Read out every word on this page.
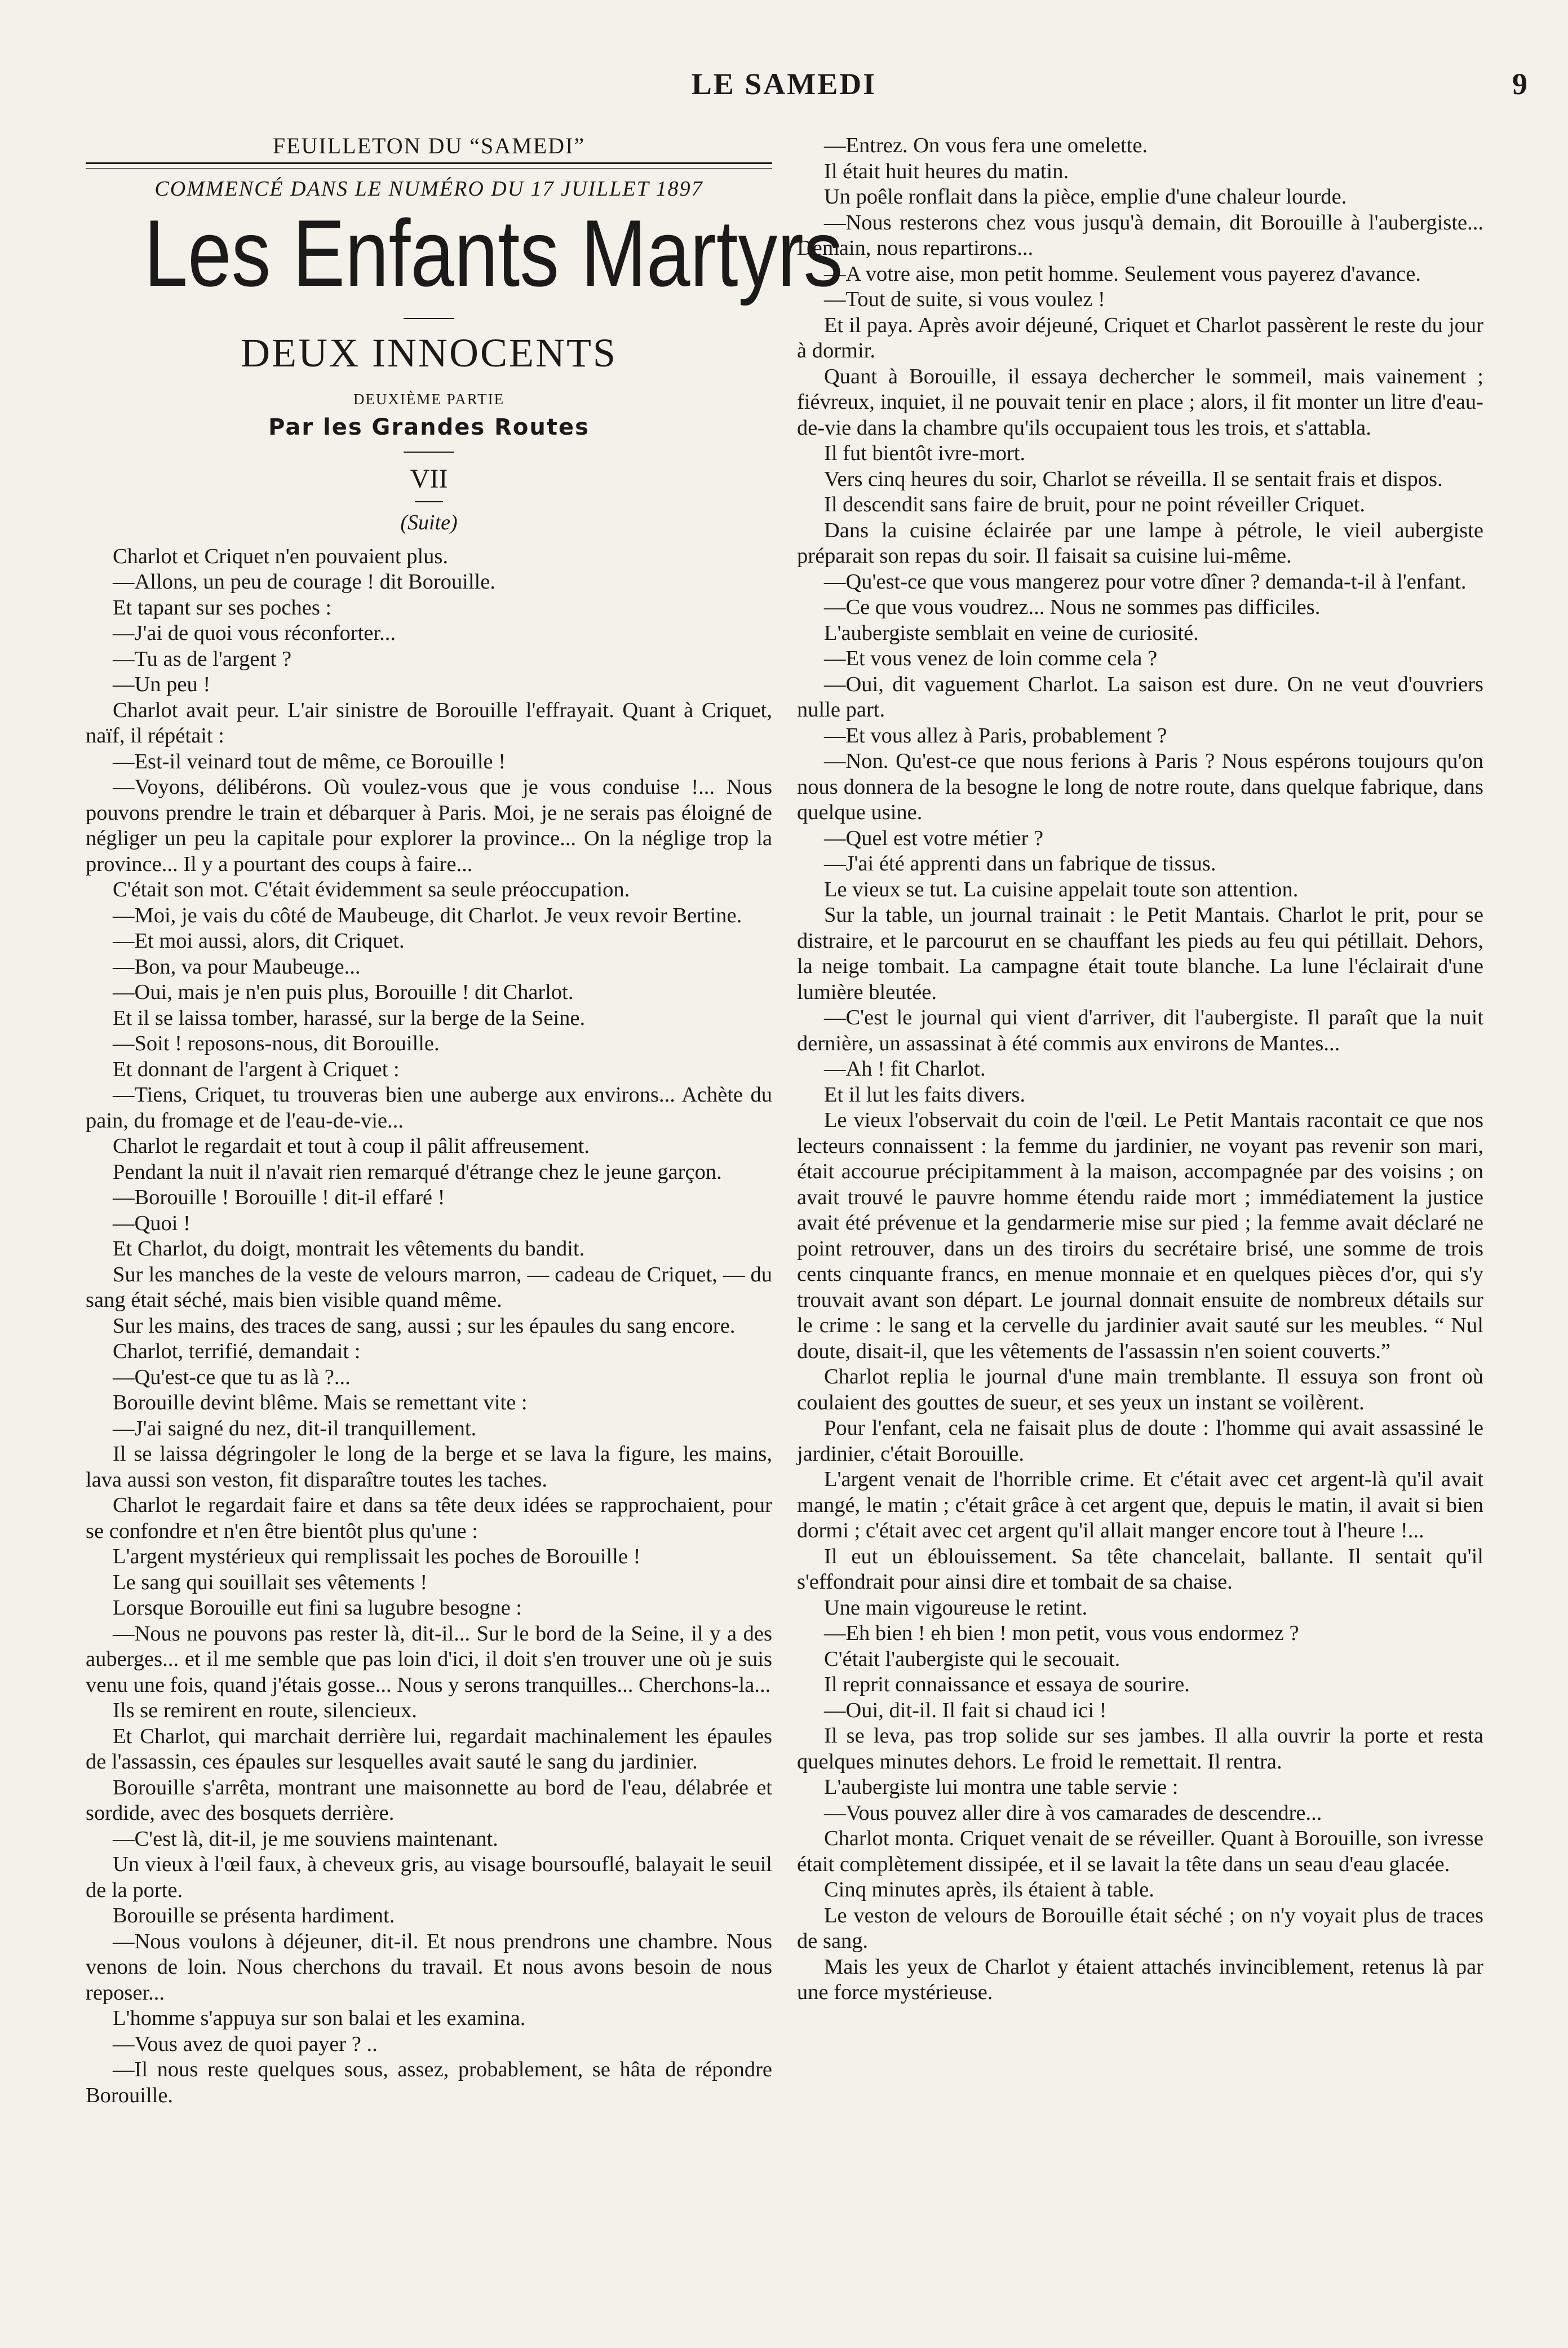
LE SAMEDI	9
FEUILLETON DU “SAMEDI”
COMMENCÉ DANS LE NUMÉRO DU 17 JUILLET 1897
Les Enfants Martyrs
DEUX INNOCENTS
DEUXIÈME PARTIE
Par les Grandes Routes
VII
(Suite)

Charlot et Criquet n'en pouvaient plus.

—Allons, un peu de courage ! dit Borouille.

Et tapant sur ses poches :

—J'ai de quoi vous réconforter...

—Tu as de l'argent ?

—Un peu !

Charlot avait peur. L'air sinistre de Borouille l'effrayait. Quant à Criquet, naïf, il répétait :

—Est-il veinard tout de même, ce Borouille !

—Voyons, délibérons. Où voulez-vous que je vous conduise !... Nous pouvons prendre le train et débarquer à Paris. Moi, je ne serais pas éloigné de négliger un peu la capitale pour explorer la province... On la néglige trop la province... Il y a pourtant des coups à faire...

C'était son mot. C'était évidemment sa seule préoccupation.

—Moi, je vais du côté de Maubeuge, dit Charlot. Je veux revoir Bertine.

—Et moi aussi, alors, dit Criquet.

—Bon, va pour Maubeuge...

—Oui, mais je n'en puis plus, Borouille ! dit Charlot.

Et il se laissa tomber, harassé, sur la berge de la Seine.

—Soit ! reposons-nous, dit Borouille.

Et donnant de l'argent à Criquet :

—Tiens, Criquet, tu trouveras bien une auberge aux environs... Achète du pain, du fromage et de l'eau-de-vie...

Charlot le regardait et tout à coup il pâlit affreusement.

Pendant la nuit il n'avait rien remarqué d'étrange chez le jeune garçon.

—Borouille ! Borouille ! dit-il effaré !

—Quoi !

Et Charlot, du doigt, montrait les vêtements du bandit.

Sur les manches de la veste de velours marron, — cadeau de Criquet, — du sang était séché, mais bien visible quand même.

Sur les mains, des traces de sang, aussi ; sur les épaules du sang encore.

Charlot, terrifié, demandait :

—Qu'est-ce que tu as là ?...

Borouille devint blême. Mais se remettant vite :

—J'ai saigné du nez, dit-il tranquillement.

Il se laissa dégringoler le long de la berge et se lava la figure, les mains, lava aussi son veston, fit disparaître toutes les taches.

Charlot le regardait faire et dans sa tête deux idées se rapprochaient, pour se confondre et n'en être bientôt plus qu'une :

L'argent mystérieux qui remplissait les poches de Borouille !

Le sang qui souillait ses vêtements !

Lorsque Borouille eut fini sa lugubre besogne :

—Nous ne pouvons pas rester là, dit-il... Sur le bord de la Seine, il y a des auberges... et il me semble que pas loin d'ici, il doit s'en trouver une où je suis venu une fois, quand j'étais gosse... Nous y serons tranquilles... Cherchons-la...

Ils se remirent en route, silencieux.

Et Charlot, qui marchait derrière lui, regardait machinalement les épaules de l'assassin, ces épaules sur lesquelles avait sauté le sang du jardinier.

Borouille s'arrêta, montrant une maisonnette au bord de l'eau, délabrée et sordide, avec des bosquets derrière.

—C'est là, dit-il, je me souviens maintenant.

Un vieux à l'œil faux, à cheveux gris, au visage boursouflé, balayait le seuil de la porte.

Borouille se présenta hardiment.

—Nous voulons à déjeuner, dit-il. Et nous prendrons une chambre. Nous venons de loin. Nous cherchons du travail. Et nous avons besoin de nous reposer...

L'homme s'appuya sur son balai et les examina.

—Vous avez de quoi payer ? ..

—Il nous reste quelques sous, assez, probablement, se hâta de répondre Borouille.

—Entrez. On vous fera une omelette.

Il était huit heures du matin.

Un poêle ronflait dans la pièce, emplie d'une chaleur lourde.

—Nous resterons chez vous jusqu'à demain, dit Borouille à l'aubergiste... Demain, nous repartirons...

—A votre aise, mon petit homme. Seulement vous payerez d'avance.

—Tout de suite, si vous voulez !

Et il paya. Après avoir déjeuné, Criquet et Charlot passèrent le reste du jour à dormir.

Quant à Borouille, il essaya dechercher le sommeil, mais vainement ; fiévreux, inquiet, il ne pouvait tenir en place ; alors, il fit monter un litre d'eau-de-vie dans la chambre qu'ils occupaient tous les trois, et s'attabla.

Il fut bientôt ivre-mort.

Vers cinq heures du soir, Charlot se réveilla. Il se sentait frais et dispos.

Il descendit sans faire de bruit, pour ne point réveiller Criquet.

Dans la cuisine éclairée par une lampe à pétrole, le vieil aubergiste préparait son repas du soir. Il faisait sa cuisine lui-même.

—Qu'est-ce que vous mangerez pour votre dîner ? demanda-t-il à l'enfant.

—Ce que vous voudrez... Nous ne sommes pas difficiles.

L'aubergiste semblait en veine de curiosité.

—Et vous venez de loin comme cela ?

—Oui, dit vaguement Charlot. La saison est dure. On ne veut d'ouvriers nulle part.

—Et vous allez à Paris, probablement ?

—Non. Qu'est-ce que nous ferions à Paris ? Nous espérons toujours qu'on nous donnera de la besogne le long de notre route, dans quelque fabrique, dans quelque usine.

—Quel est votre métier ?

—J'ai été apprenti dans un fabrique de tissus.

Le vieux se tut. La cuisine appelait toute son attention.

Sur la table, un journal trainait : le Petit Mantais. Charlot le prit, pour se distraire, et le parcourut en se chauffant les pieds au feu qui pétillait. Dehors, la neige tombait. La campagne était toute blanche. La lune l'éclairait d'une lumière bleutée.

—C'est le journal qui vient d'arriver, dit l'aubergiste. Il paraît que la nuit dernière, un assassinat à été commis aux environs de Mantes...

—Ah ! fit Charlot.

Et il lut les faits divers.

Le vieux l'observait du coin de l'œil. Le Petit Mantais racontait ce que nos lecteurs connaissent : la femme du jardinier, ne voyant pas revenir son mari, était accourue précipitamment à la maison, accompagnée par des voisins ; on avait trouvé le pauvre homme étendu raide mort ; immédiatement la justice avait été prévenue et la gendarmerie mise sur pied ; la femme avait déclaré ne point retrouver, dans un des tiroirs du secrétaire brisé, une somme de trois cents cinquante francs, en menue monnaie et en quelques pièces d'or, qui s'y trouvait avant son départ. Le journal donnait ensuite de nombreux détails sur le crime : le sang et la cervelle du jardinier avait sauté sur les meubles. “ Nul doute, disait-il, que les vêtements de l'assassin n'en soient couverts.”

Charlot replia le journal d'une main tremblante. Il essuya son front où coulaient des gouttes de sueur, et ses yeux un instant se voilèrent.

Pour l'enfant, cela ne faisait plus de doute : l'homme qui avait assassiné le jardinier, c'était Borouille.

L'argent venait de l'horrible crime. Et c'était avec cet argent-là qu'il avait mangé, le matin ; c'était grâce à cet argent que, depuis le matin, il avait si bien dormi ; c'était avec cet argent qu'il allait manger encore tout à l'heure !...

Il eut un éblouissement. Sa tête chancelait, ballante. Il sentait qu'il s'effondrait pour ainsi dire et tombait de sa chaise.

Une main vigoureuse le retint.

—Eh bien ! eh bien ! mon petit, vous vous endormez ?

C'était l'aubergiste qui le secouait.

Il reprit connaissance et essaya de sourire.

—Oui, dit-il. Il fait si chaud ici !

Il se leva, pas trop solide sur ses jambes. Il alla ouvrir la porte et resta quelques minutes dehors. Le froid le remettait. Il rentra.

L'aubergiste lui montra une table servie :

—Vous pouvez aller dire à vos camarades de descendre...

Charlot monta. Criquet venait de se réveiller. Quant à Borouille, son ivresse était complètement dissipée, et il se lavait la tête dans un seau d'eau glacée.

Cinq minutes après, ils étaient à table.

Le veston de velours de Borouille était séché ; on n'y voyait plus de traces de sang.

Mais les yeux de Charlot y étaient attachés invinciblement, retenus là par une force mystérieuse.
